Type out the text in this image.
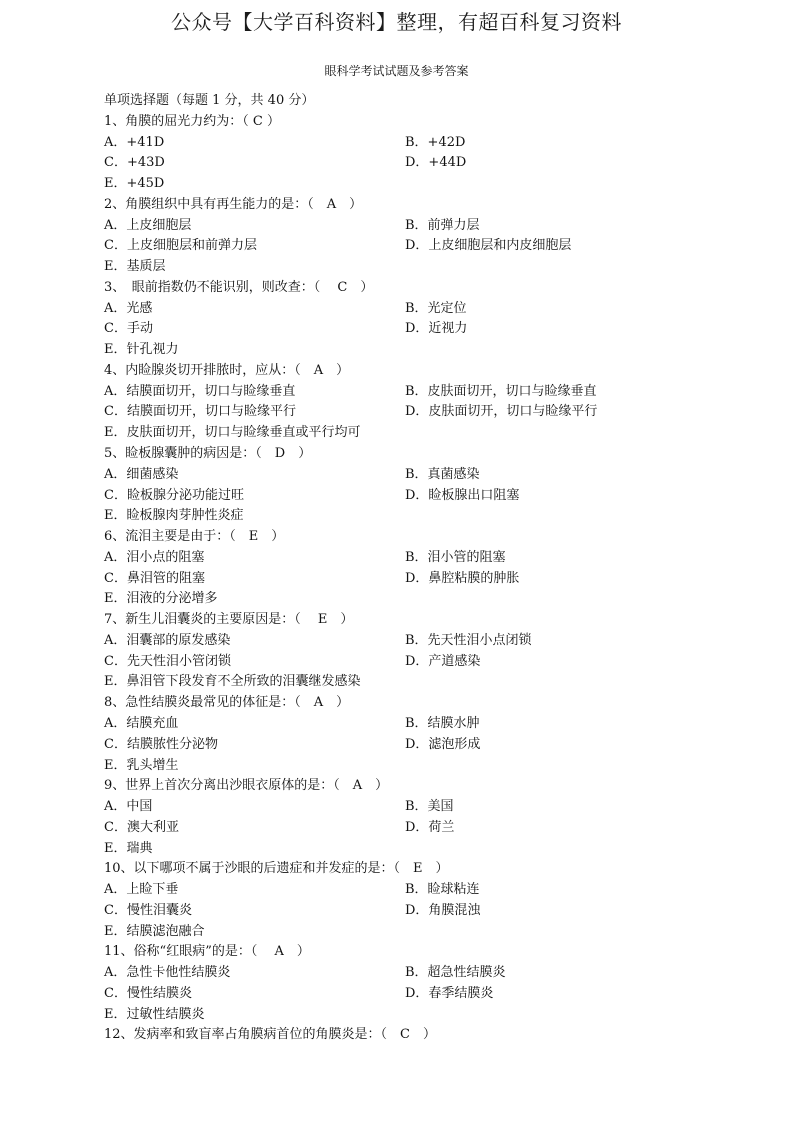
公众号【大学百科资料】整理，有超百科复习资料
眼科学考试试题及参考答案
单项选择题（每题 1 分，共 40 分）
1、角膜的屈光力约为：（ C ）
A．+41D	B．+42D
C．+43D	D．+44D
E．+45D
2、角膜组织中具有再生能力的是：（　A　）
A．上皮细胞层	B．前弹力层
C．上皮细胞层和前弹力层	D．上皮细胞层和内皮细胞层
E．基质层
3、　眼前指数仍不能识别，则改查：（　 C　）
A．光感	B．光定位
C．手动	D．近视力
E．针孔视力
4、内睑腺炎切开排脓时，应从：（　A　）
A．结膜面切开，切口与睑缘垂直	B．皮肤面切开，切口与睑缘垂直
C．结膜面切开，切口与睑缘平行	D．皮肤面切开，切口与睑缘平行
E．皮肤面切开，切口与睑缘垂直或平行均可
5、睑板腺囊肿的病因是：（　D　）
A．细菌感染	B．真菌感染
C．睑板腺分泌功能过旺	D．睑板腺出口阻塞
E．睑板腺肉芽肿性炎症
6、流泪主要是由于：（　E　）
A．泪小点的阻塞	B．泪小管的阻塞
C．鼻泪管的阻塞	D．鼻腔粘膜的肿胀
E．泪液的分泌增多
7、新生儿泪囊炎的主要原因是：（　 E　）
A．泪囊部的原发感染	B．先天性泪小点闭锁
C．先天性泪小管闭锁	D．产道感染
E．鼻泪管下段发育不全所致的泪囊继发感染
8、急性结膜炎最常见的体征是：（　A　）
A．结膜充血	B．结膜水肿
C．结膜脓性分泌物	D．滤泡形成
E．乳头增生
9、世界上首次分离出沙眼衣原体的是：（　A　）
A．中国	B．美国
C．澳大利亚	D．荷兰
E．瑞典
10、以下哪项不属于沙眼的后遗症和并发症的是：（　E　）
A．上睑下垂	B．睑球粘连
C．慢性泪囊炎	D．角膜混浊
E．结膜滤泡融合
11、俗称“红眼病”的是：（　 A　）
A．急性卡他性结膜炎	B．超急性结膜炎
C．慢性结膜炎	D．春季结膜炎
E．过敏性结膜炎
12、发病率和致盲率占角膜病首位的角膜炎是：（　C　）
